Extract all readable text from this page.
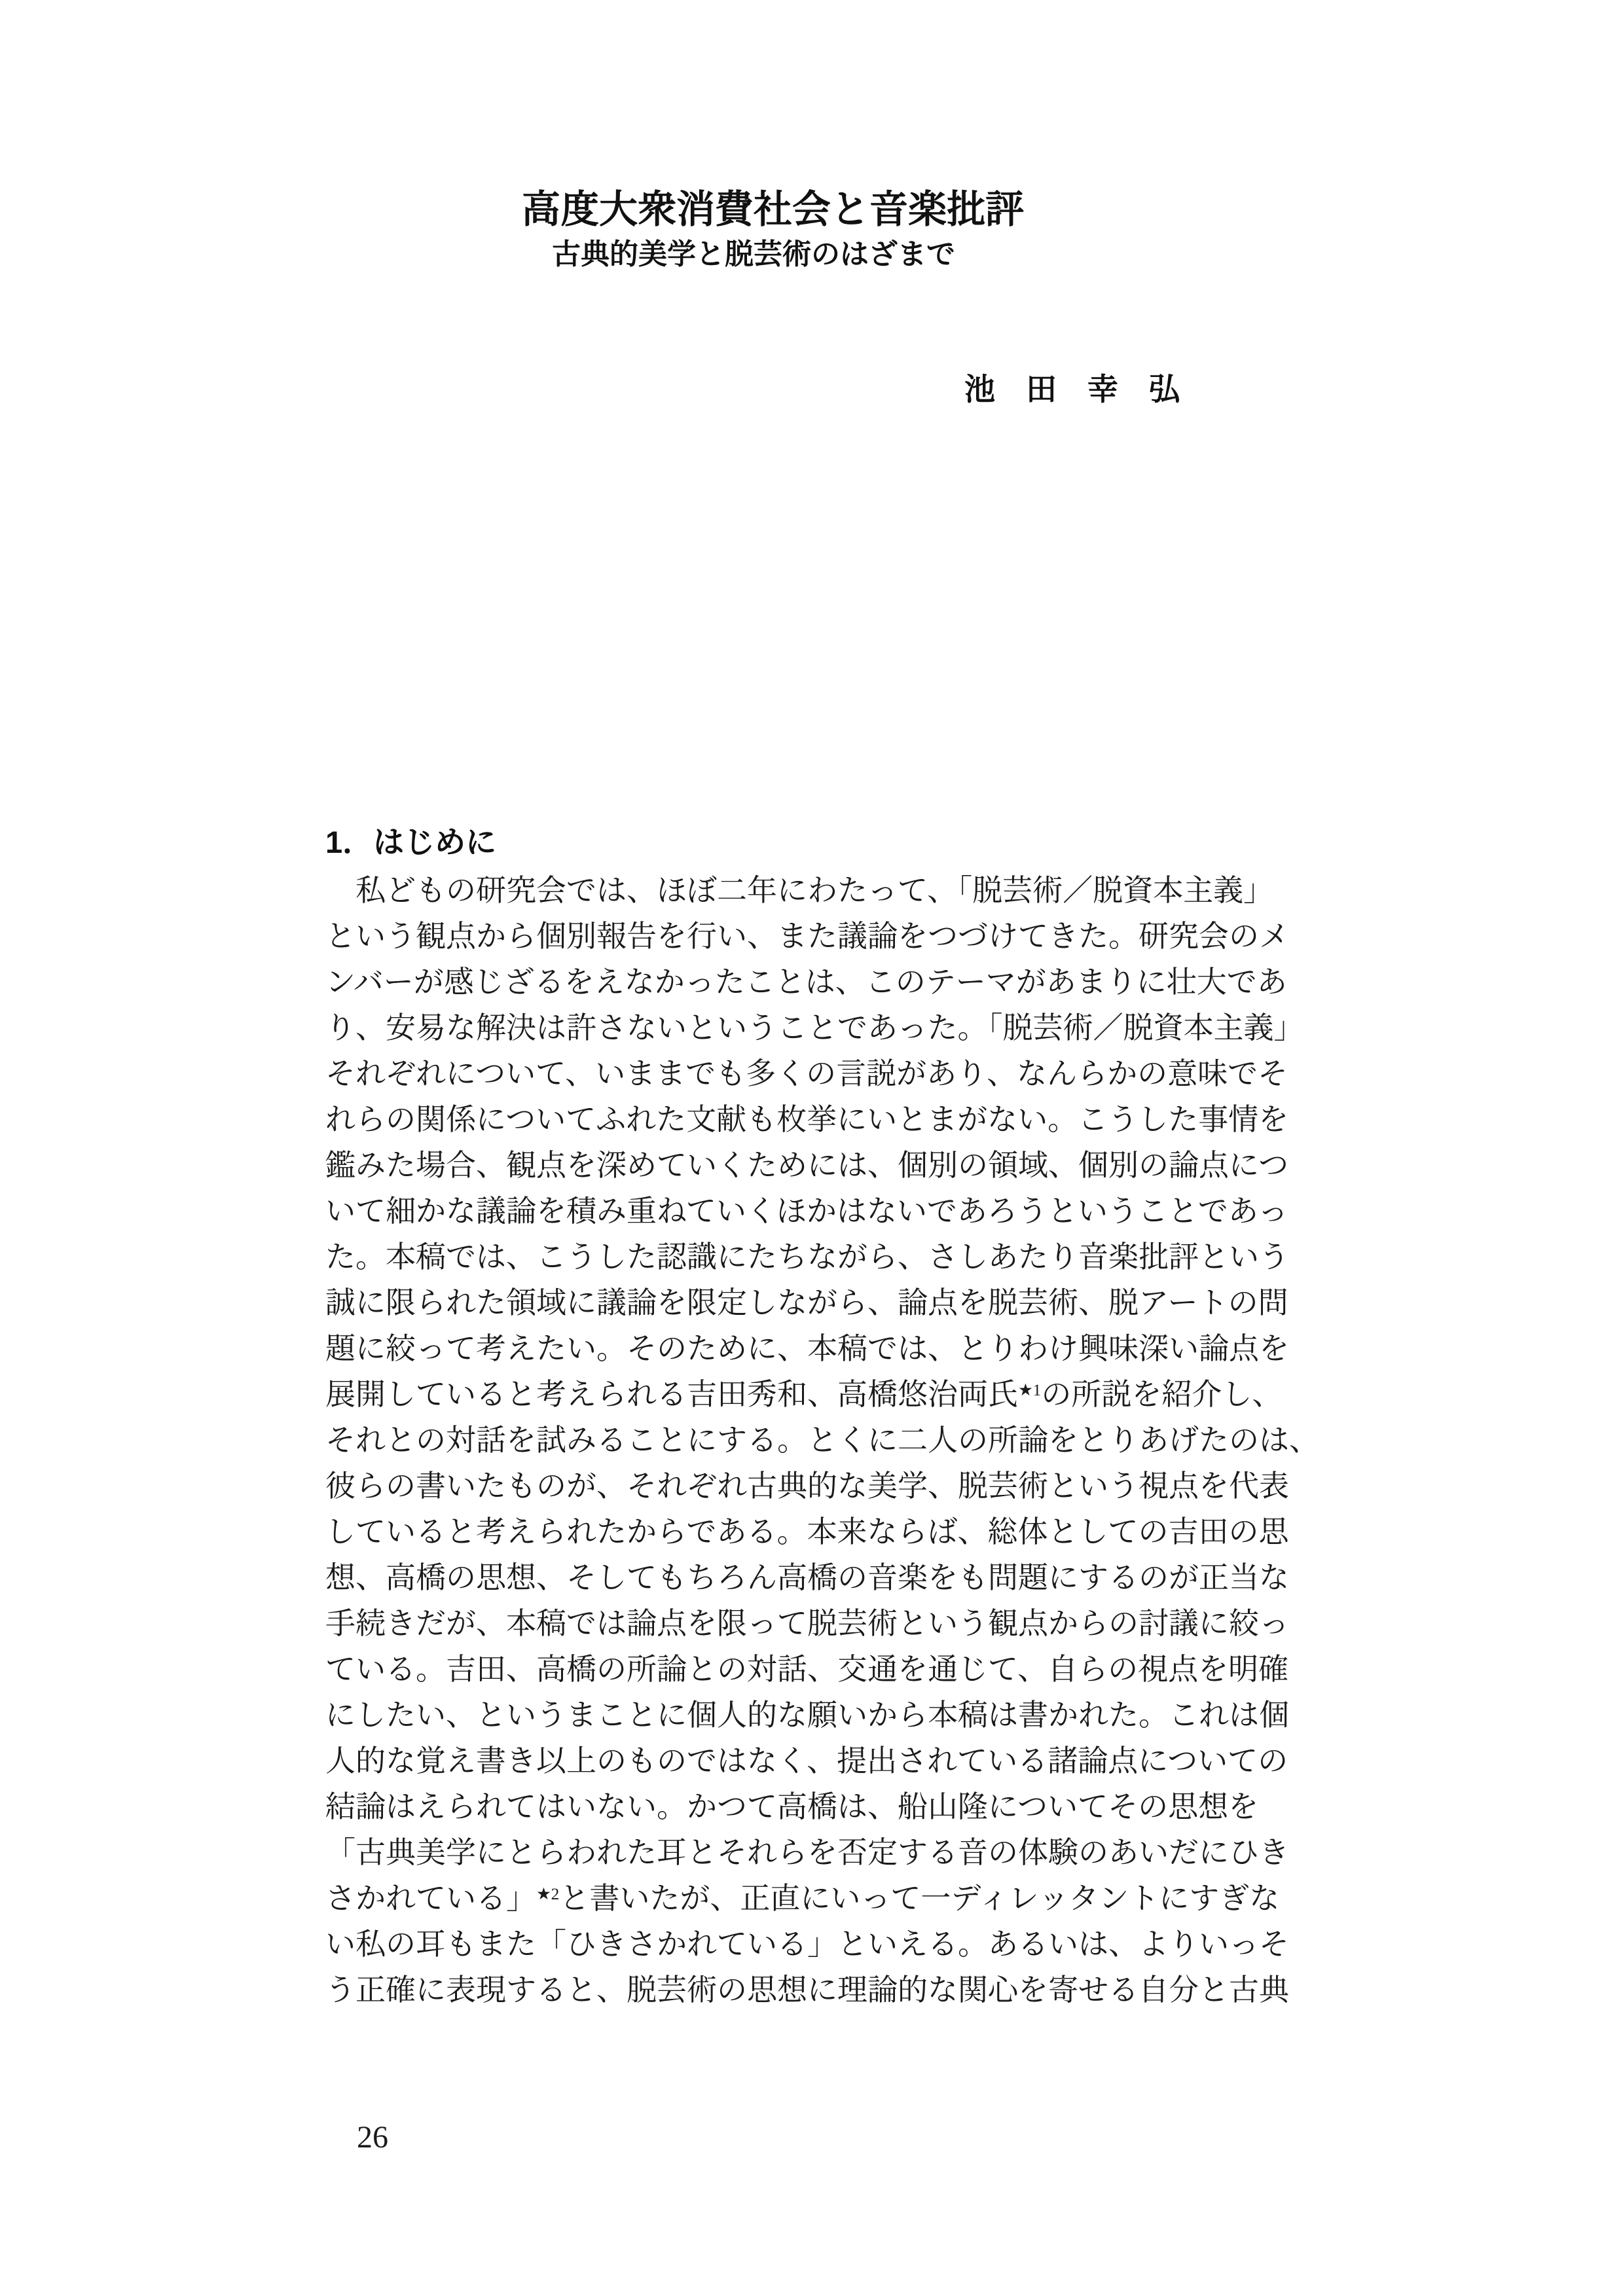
高度大衆消費社会と音楽批評
古典的美学と脱芸術のはざまで
池　田　幸　弘
1．はじめに
　私どもの研究会では、ほぼ二年にわたって、「脱芸術／脱資本主義」
という観点から個別報告を行い、また議論をつづけてきた。研究会のメ
ンバーが感じざるをえなかったことは、このテーマがあまりに壮大であ
り、安易な解決は許さないということであった。「脱芸術／脱資本主義」
それぞれについて、いままでも多くの言説があり、なんらかの意味でそ
れらの関係についてふれた文献も枚挙にいとまがない。こうした事情を
鑑みた場合、観点を深めていくためには、個別の領域、個別の論点につ
いて細かな議論を積み重ねていくほかはないであろうということであっ
た。本稿では、こうした認識にたちながら、さしあたり音楽批評という
誠に限られた領域に議論を限定しながら、論点を脱芸術、脱アートの問
題に絞って考えたい。そのために、本稿では、とりわけ興味深い論点を
展開していると考えられる吉田秀和、高橋悠治両氏$^{★1}$の所説を紹介し、
それとの対話を試みることにする。とくに二人の所論をとりあげたのは、
彼らの書いたものが、それぞれ古典的な美学、脱芸術という視点を代表
していると考えられたからである。本来ならば、総体としての吉田の思
想、高橋の思想、そしてもちろん高橋の音楽をも問題にするのが正当な
手続きだが、本稿では論点を限って脱芸術という観点からの討議に絞っ
ている。吉田、高橋の所論との対話、交通を通じて、自らの視点を明確
にしたい、というまことに個人的な願いから本稿は書かれた。これは個
人的な覚え書き以上のものではなく、提出されている諸論点についての
結論はえられてはいない。かつて高橋は、船山隆についてその思想を
「古典美学にとらわれた耳とそれらを否定する音の体験のあいだにひき
さかれている」$^{★2}$と書いたが、正直にいって一ディレッタントにすぎな
い私の耳もまた「ひきさかれている」といえる。あるいは、よりいっそ
う正確に表現すると、脱芸術の思想に理論的な関心を寄せる自分と古典
26
